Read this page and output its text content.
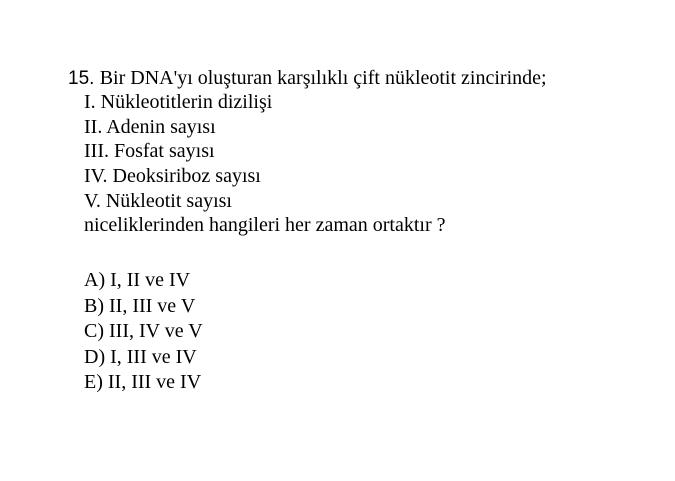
15. Bir DNA'yı oluşturan karşılıklı çift nükleotit zincirinde;
I. Nükleotitlerin dizilişi
II. Adenin sayısı
III. Fosfat sayısı
IV. Deoksiriboz sayısı
V. Nükleotit sayısı
niceliklerinden hangileri her zaman ortaktır ?
A) I, II ve IV
B) II, III ve V
C) III, IV ve V
D) I, III ve IV
E) II, III ve IV
